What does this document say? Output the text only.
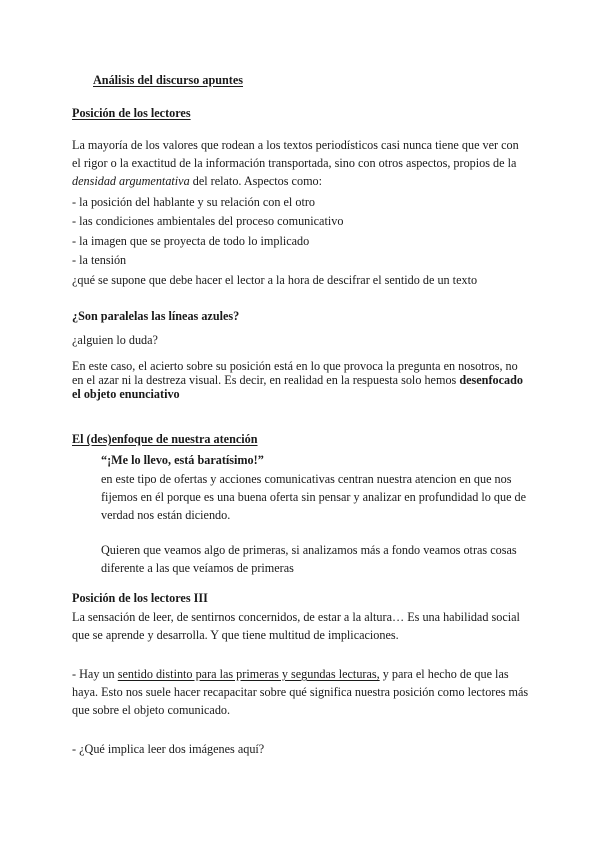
Análisis del discurso apuntes
Posición de los lectores
La mayoría de los valores que rodean a los textos periodísticos casi nunca tiene que ver con
el rigor o la exactitud de la información transportada, sino con otros aspectos, propios de la
densidad argumentativa del relato. Aspectos como:
- la posición del hablante y su relación con el otro
- las condiciones ambientales del proceso comunicativo
- la imagen que se proyecta de todo lo implicado
- la tensión
¿qué se supone que debe hacer el lector a la hora de descifrar el sentido de un texto
¿Son paralelas las líneas azules?
¿alguien lo duda?
En este caso, el acierto sobre su posición está en lo que provoca la pregunta en nosotros, no
en el azar ni la destreza visual. Es decir, en realidad en la respuesta solo hemos desenfocado
el objeto enunciativo
El (des)enfoque de nuestra atención
“¡Me lo llevo, está baratísimo!”
en este tipo de ofertas y acciones comunicativas centran nuestra atencion en que nos
fijemos en él porque es una buena oferta sin pensar y analizar en profundidad lo que de
verdad nos están diciendo.
Quieren que veamos algo de primeras, si analizamos más a fondo veamos otras cosas
diferente a las que veíamos de primeras
Posición de los lectores III
La sensación de leer, de sentirnos concernidos, de estar a la altura… Es una habilidad social
que se aprende y desarrolla. Y que tiene multitud de implicaciones.
- Hay un sentido distinto para las primeras y segundas lecturas, y para el hecho de que las
haya. Esto nos suele hacer recapacitar sobre qué significa nuestra posición como lectores más
que sobre el objeto comunicado.
- ¿Qué implica leer dos imágenes aquí?
